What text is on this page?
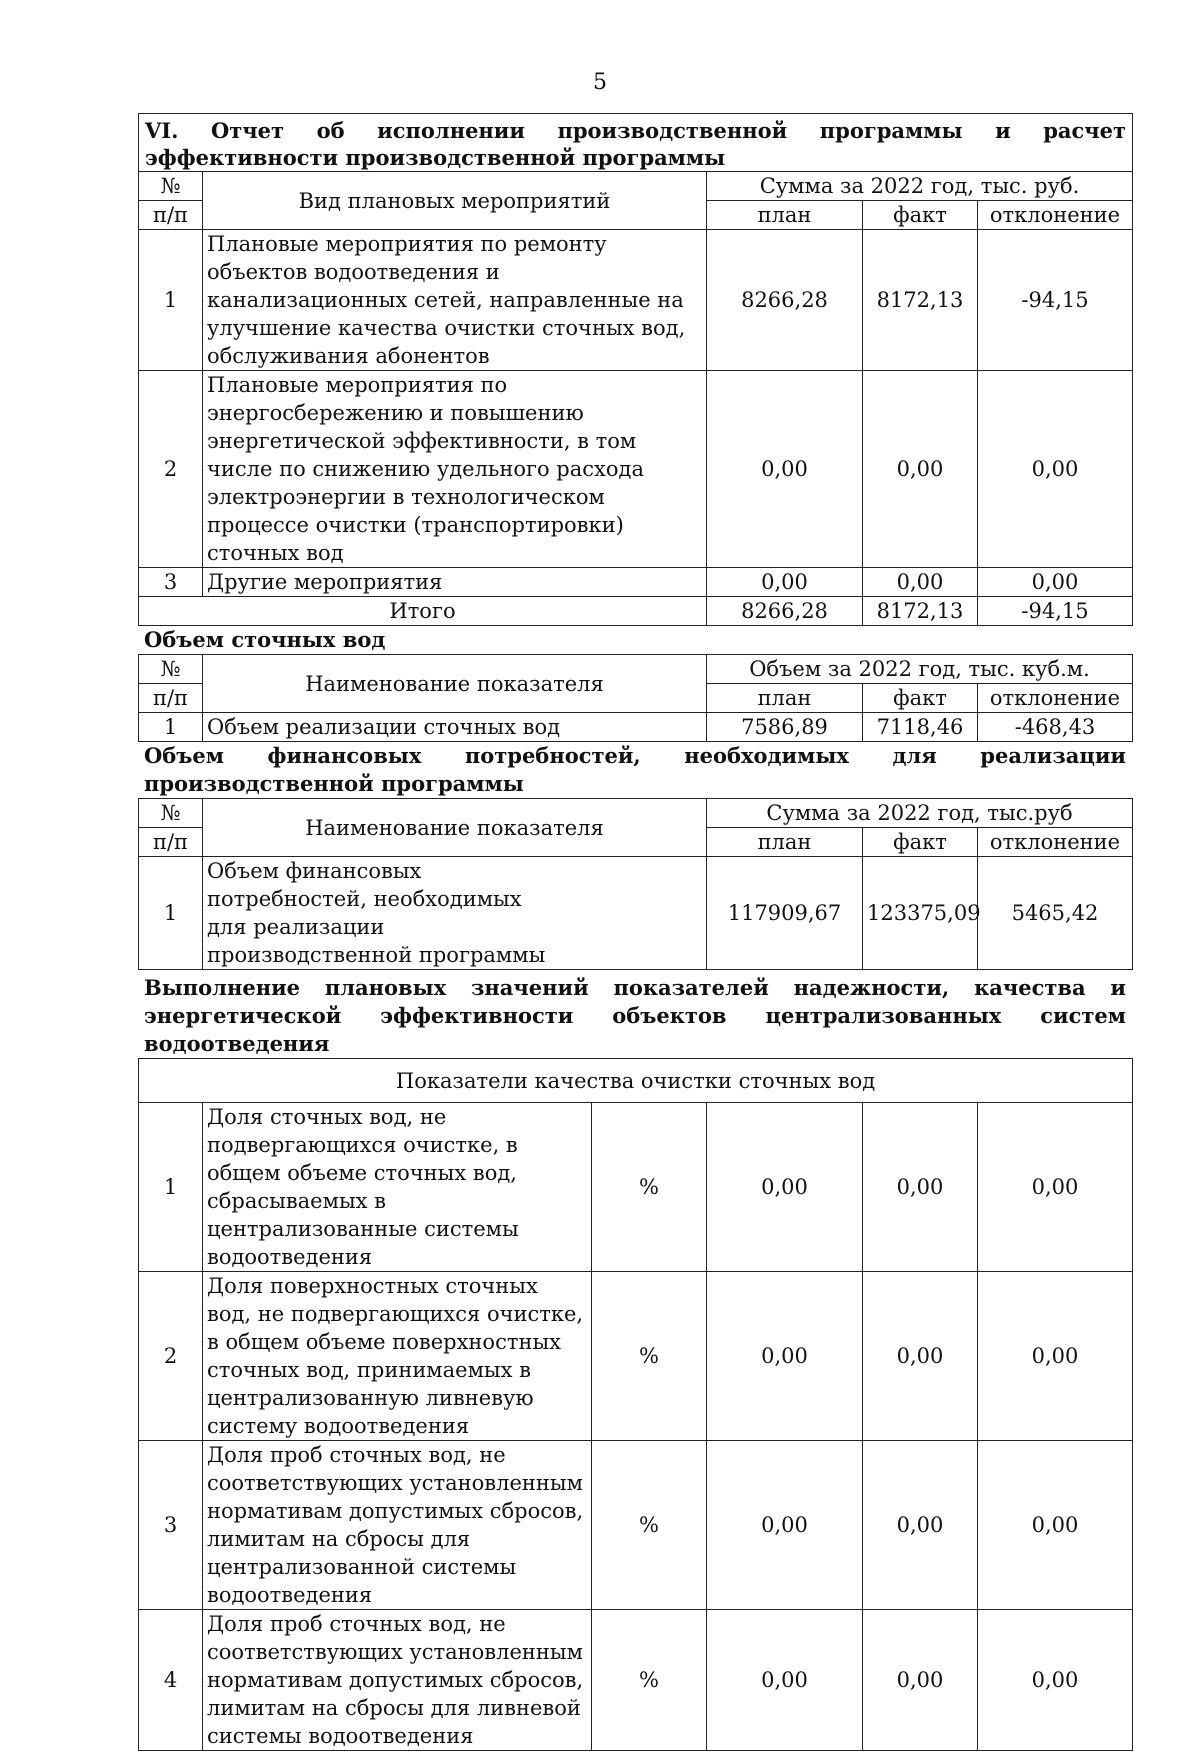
5
VI. Отчет об исполнении производственной программы и расчет эффективности производственной программы				
№	Вид плановых мероприятий	Сумма за 2022 год, тыс. руб.		
п/п		план	факт	отклонение
1	Плановые мероприятия по ремонту объектов водоотведения и канализационных сетей, направленные на улучшение качества очистки сточных вод, обслуживания абонентов	8266,28	8172,13	-94,15
2	Плановые мероприятия по энергосбережению и повышению энергетической эффективности, в том числе по снижению удельного расхода электроэнергии в технологическом процессе очистки (транспортировки) сточных вод	0,00	0,00	0,00
3	Другие мероприятия	0,00	0,00	0,00
Итого		8266,28	8172,13	-94,15
Объем сточных вод
№	Наименование показателя	Объем за 2022 год, тыс. куб.м.		
п/п		план	факт	отклонение
1	Объем реализации сточных вод	7586,89	7118,46	-468,43
Объем финансовых потребностей, необходимых для реализации производственной программы
№	Наименование показателя	Сумма за 2022 год, тыс.руб		
п/п		план	факт	отклонение
1	Объем финансовых потребностей, необходимых для реализации производственной программы	117909,67	123375,09	5465,42
Выполнение плановых значений показателей надежности, качества и энергетической эффективности объектов централизованных систем водоотведения
Показатели качества очистки сточных вод					
1	Доля сточных вод, не подвергающихся очистке, в общем объеме сточных вод, сбрасываемых в централизованные системы водоотведения	%	0,00	0,00	0,00
2	Доля поверхностных сточных вод, не подвергающихся очистке, в общем объеме поверхностных сточных вод, принимаемых в централизованную ливневую систему водоотведения	%	0,00	0,00	0,00
3	Доля проб сточных вод, не соответствующих установленным нормативам допустимых сбросов, лимитам на сбросы для централизованной системы водоотведения	%	0,00	0,00	0,00
4	Доля проб сточных вод, не соответствующих установленным нормативам допустимых сбросов, лимитам на сбросы для ливневой системы водоотведения	%	0,00	0,00	0,00
